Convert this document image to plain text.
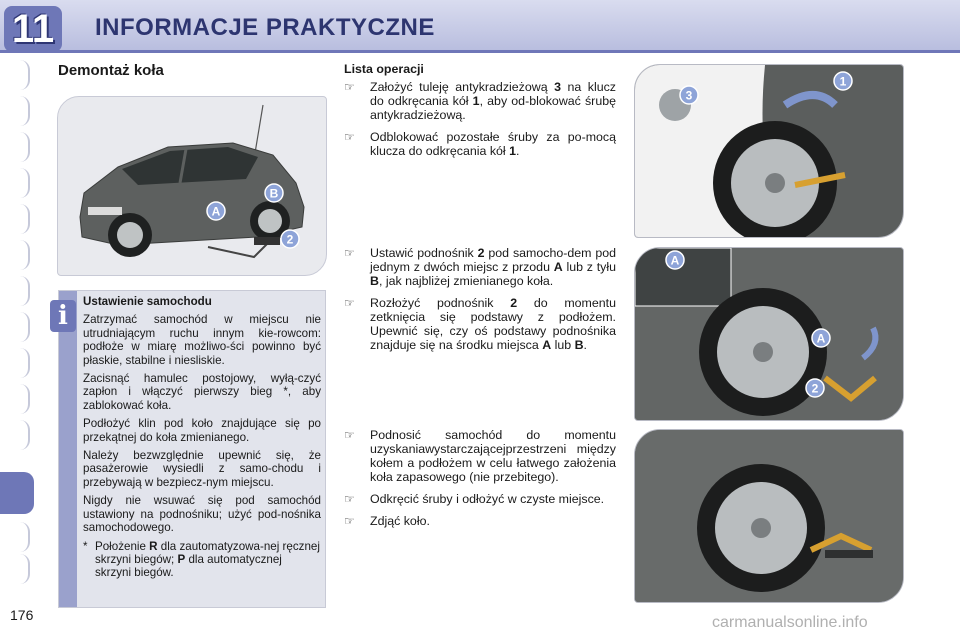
11	INFORMACJE PRAKTYCZNE
176
Demontaż koła
A
B
2

Ustawienie samochodu

Zatrzymać samochód w miejscu nie utrudniającym ruchu innym kie-rowcom: podłoże w miarę możliwo-ści powinno być płaskie, stabilne i niesliskie.

Zacisnąć hamulec postojowy, wyłą-czyć zapłon i włączyć pierwszy bieg *, aby zablokować koła.

Podłożyć klin pod koło znajdujące się po przekątnej do koła zmienianego.

Należy bezwzględnie upewnić się, że pasażerowie wysiedli z samo-chodu i przebywają w bezpiecz-nym miejscu.

Nigdy nie wsuwać się pod samochód ustawiony na podnośniku; użyć pod-nośnika samochodowego.

* Położenie R dla zautomatyzowa-nej ręcznej skrzyni biegów; P dla automatycznej skrzyni biegów.
i
Lista operacji
☞	Założyć tuleję antykradzieżową 3 na klucz do odkręcania kół 1, aby od-blokować śrubę antykradzieżową.
☞	Odblokować pozostałe śruby za po-mocą klucza do odkręcania kół 1.
☞	Ustawić podnośnik 2 pod samocho-dem pod jednym z dwóch miejsc z przodu A lub z tyłu B, jak najbliżej zmienianego koła.
☞	Rozłożyć podnośnik 2 do momentu zetknięcia się podstawy z podłożem. Upewnić się, czy oś podstawy podnośnika znajduje się na środku miejsca A lub B.
☞	Podnosić samochód do momentu uzyskaniawystarczającejprzestrzeni między kołem a podłożem w celu łatwego założenia koła zapasowego (nie przebitego).
☞	Odkręcić śruby i odłożyć w czyste miejsce.
☞	Zdjąć koło.
1
3
A
A
2
carmanualsonline.info
